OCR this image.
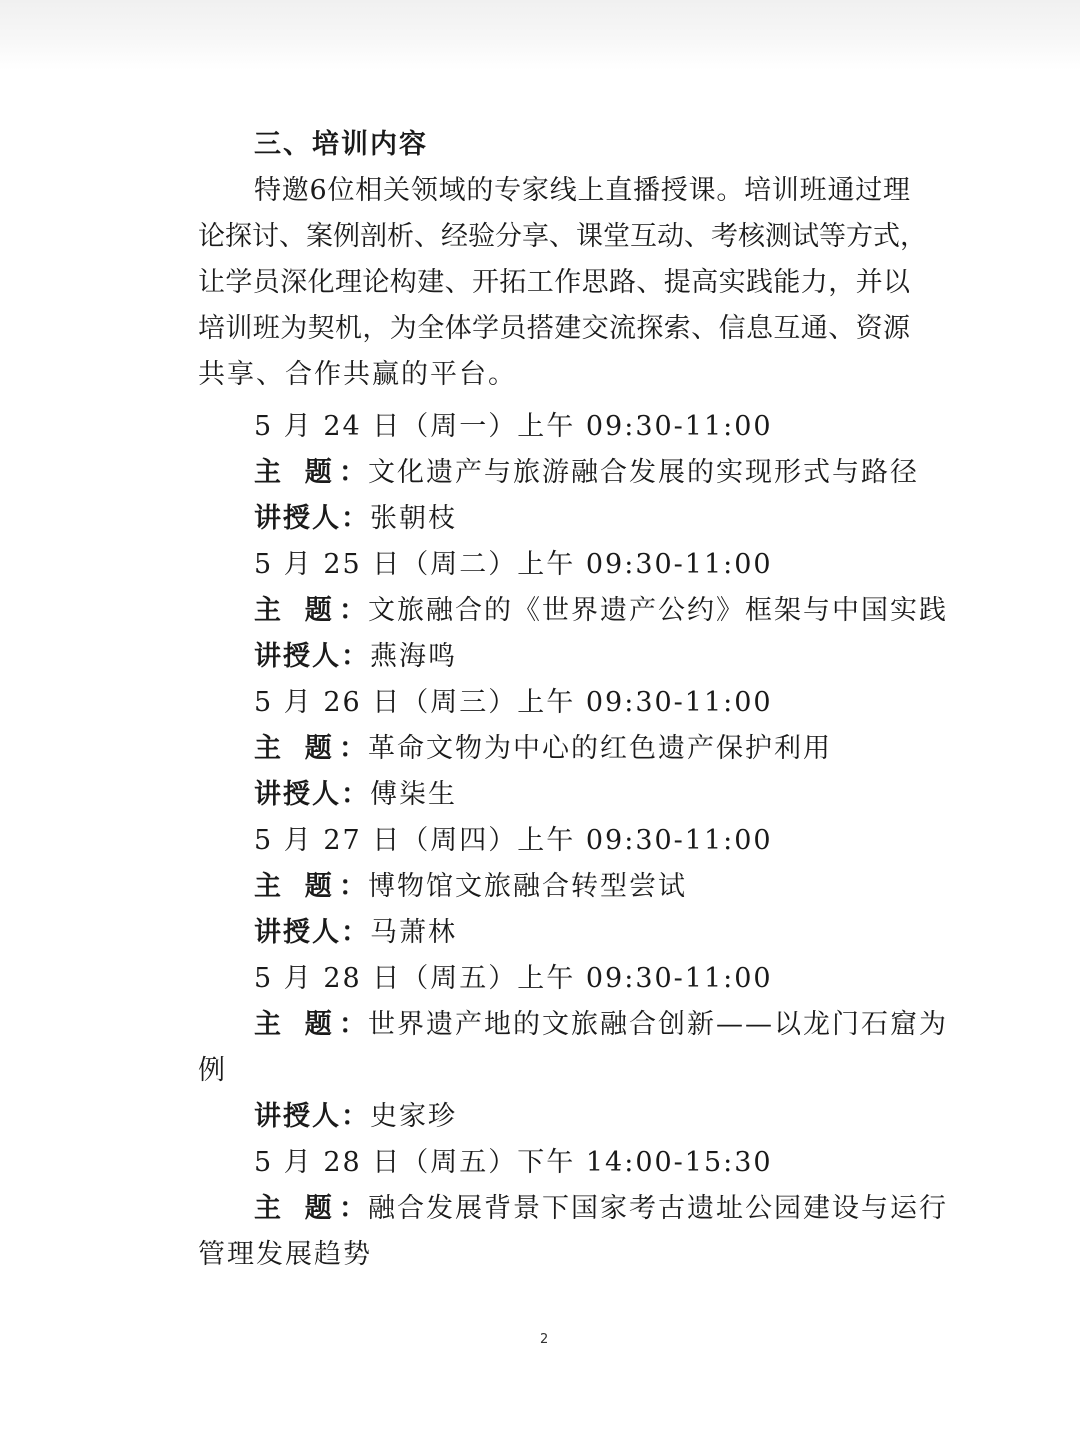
三、培训内容
特邀6位相关领域的专家线上直播授课。培训班通过理
论探讨、案例剖析、经验分享、课堂互动、考核测试等方式，
让学员深化理论构建、开拓工作思路、提高实践能力，并以
培训班为契机，为全体学员搭建交流探索、信息互通、资源
共享、合作共赢的平台。
5 月 24 日（周一）上午 09:30-11:00
主 题：文化遗产与旅游融合发展的实现形式与路径
讲授人：张朝枝
5 月 25 日（周二）上午 09:30-11:00
主 题：文旅融合的《世界遗产公约》框架与中国实践
讲授人：燕海鸣
5 月 26 日（周三）上午 09:30-11:00
主 题：革命文物为中心的红色遗产保护利用
讲授人：傅柒生
5 月 27 日（周四）上午 09:30-11:00
主 题：博物馆文旅融合转型尝试
讲授人：马萧林
5 月 28 日（周五）上午 09:30-11:00
主 题：世界遗产地的文旅融合创新——以龙门石窟为
例
讲授人：史家珍
5 月 28 日（周五）下午 14:00-15:30
主 题：融合发展背景下国家考古遗址公园建设与运行
管理发展趋势
2
